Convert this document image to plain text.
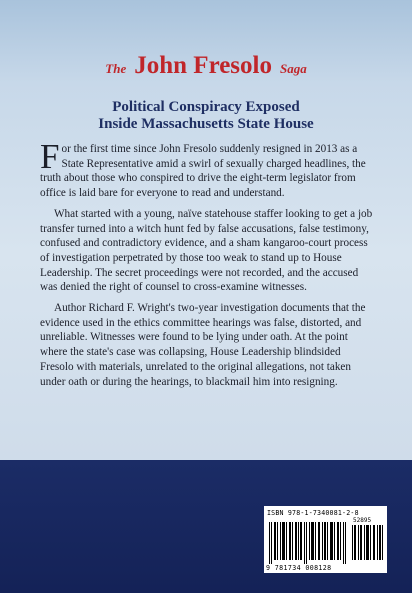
The John Fresolo Saga
Political Conspiracy Exposed
Inside Massachusetts State House

For the first time since John Fresolo suddenly resigned in 2013 as a State Representative amid a swirl of sexually charged headlines, the truth about those who conspired to drive the eight-term legislator from office is laid bare for everyone to read and understand.

What started with a young, naïve statehouse staffer looking to get a job transfer turned into a witch hunt fed by false accusations, false testimony, confused and contradictory evidence, and a sham kangaroo-court process of investigation perpetrated by those too weak to stand up to House Leadership. The secret proceedings were not recorded, and the accused was denied the right of counsel to cross-examine witnesses.

Author Richard F. Wright's two-year investigation documents that the evidence used in the ethics committee hearings was false, distorted, and unreliable. Witnesses were found to be lying under oath. At the point where the state's case was collapsing, House Leadership blindsided Fresolo with materials, unrelated to the original allegations, not taken under oath or during the hearings, to blackmail him into resigning.

ISBN 978-1-7340081-2-8
52895
9 781734 008128
